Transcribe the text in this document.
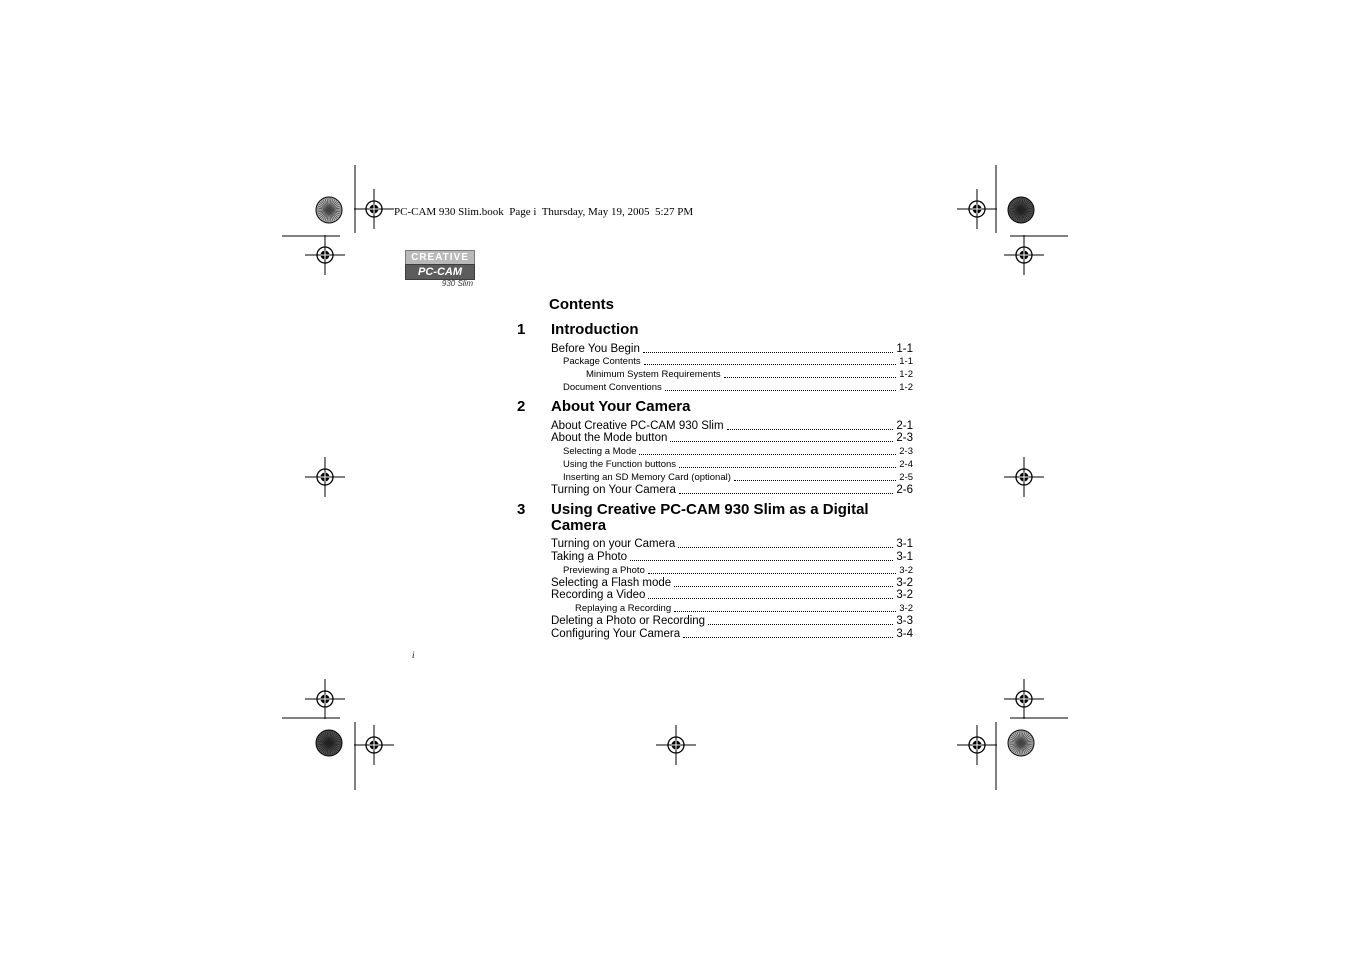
PC-CAM 930 Slim.book  Page i  Thursday, May 19, 2005  5:27 PM
CREATIVE
PC-CAM
930 Slim
Contents
1 Introduction
Before You Begin	1-1
Package Contents	1-1
Minimum System Requirements	1-2
Document Conventions	1-2
2 About Your Camera
About Creative PC-CAM 930 Slim	2-1
About the Mode button	2-3
Selecting a Mode	2-3
Using the Function buttons	2-4
Inserting an SD Memory Card (optional)	2-5
Turning on Your Camera	2-6
3 Using Creative PC-CAM 930 Slim as a Digital Camera
Turning on your Camera	3-1
Taking a Photo	3-1
Previewing a Photo	3-2
Selecting a Flash mode	3-2
Recording a Video	3-2
Replaying a Recording	3-2
Deleting a Photo or Recording	3-3
Configuring Your Camera	3-4
i
